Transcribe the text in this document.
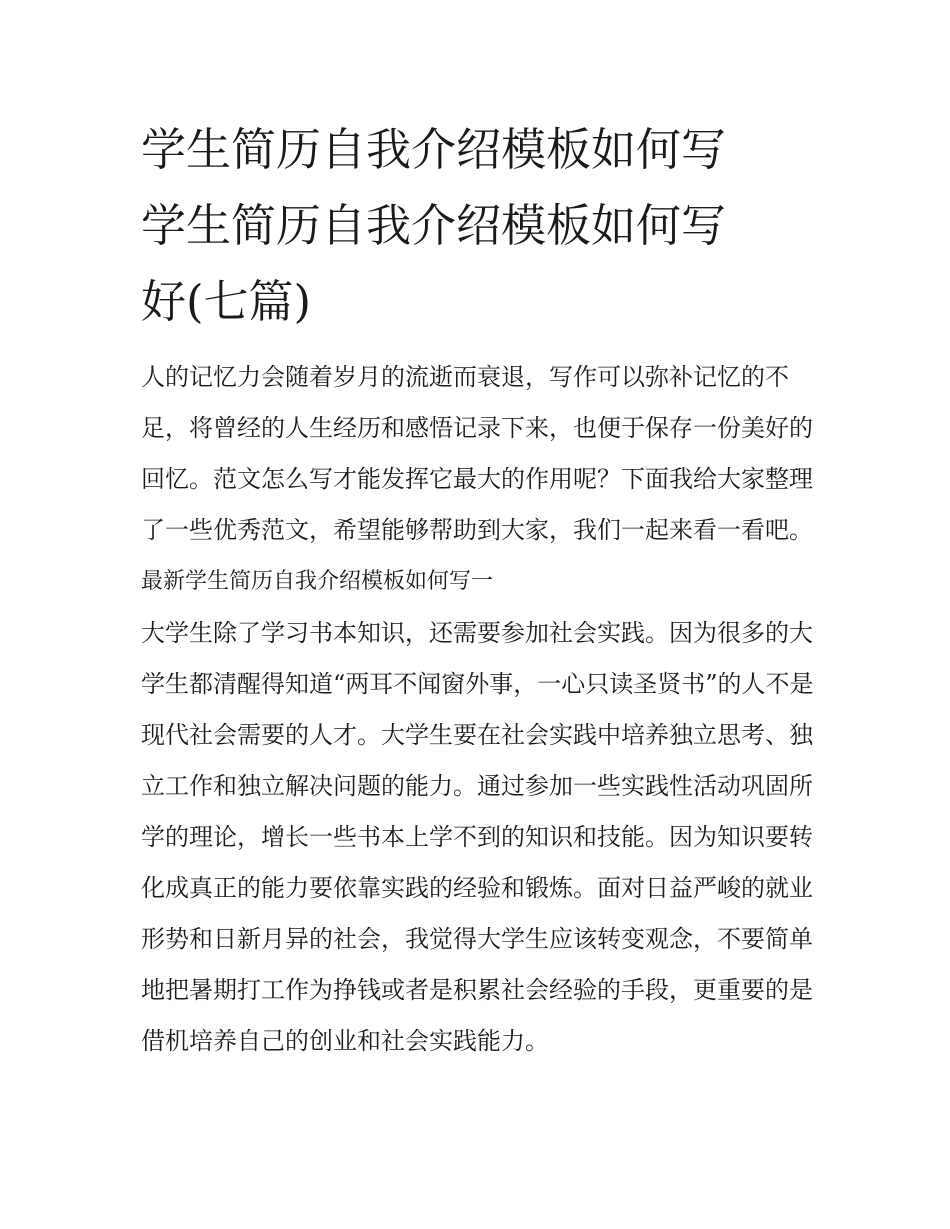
学生简历自我介绍模板如何写
学生简历自我介绍模板如何写
好(七篇)

人的记忆力会随着岁月的流逝而衰退，写作可以弥补记忆的不足，将曾经的人生经历和感悟记录下来，也便于保存一份美好的回忆。范文怎么写才能发挥它最大的作用呢？下面我给大家整理了一些优秀范文，希望能够帮助到大家，我们一起来看一看吧。

最新学生简历自我介绍模板如何写一

大学生除了学习书本知识，还需要参加社会实践。因为很多的大学生都清醒得知道“两耳不闻窗外事，一心只读圣贤书”的人不是现代社会需要的人才。大学生要在社会实践中培养独立思考、独立工作和独立解决问题的能力。通过参加一些实践性活动巩固所学的理论，增长一些书本上学不到的知识和技能。因为知识要转化成真正的能力要依靠实践的经验和锻炼。面对日益严峻的就业形势和日新月异的社会，我觉得大学生应该转变观念，不要简单地把暑期打工作为挣钱或者是积累社会经验的手段，更重要的是借机培养自己的创业和社会实践能力。
